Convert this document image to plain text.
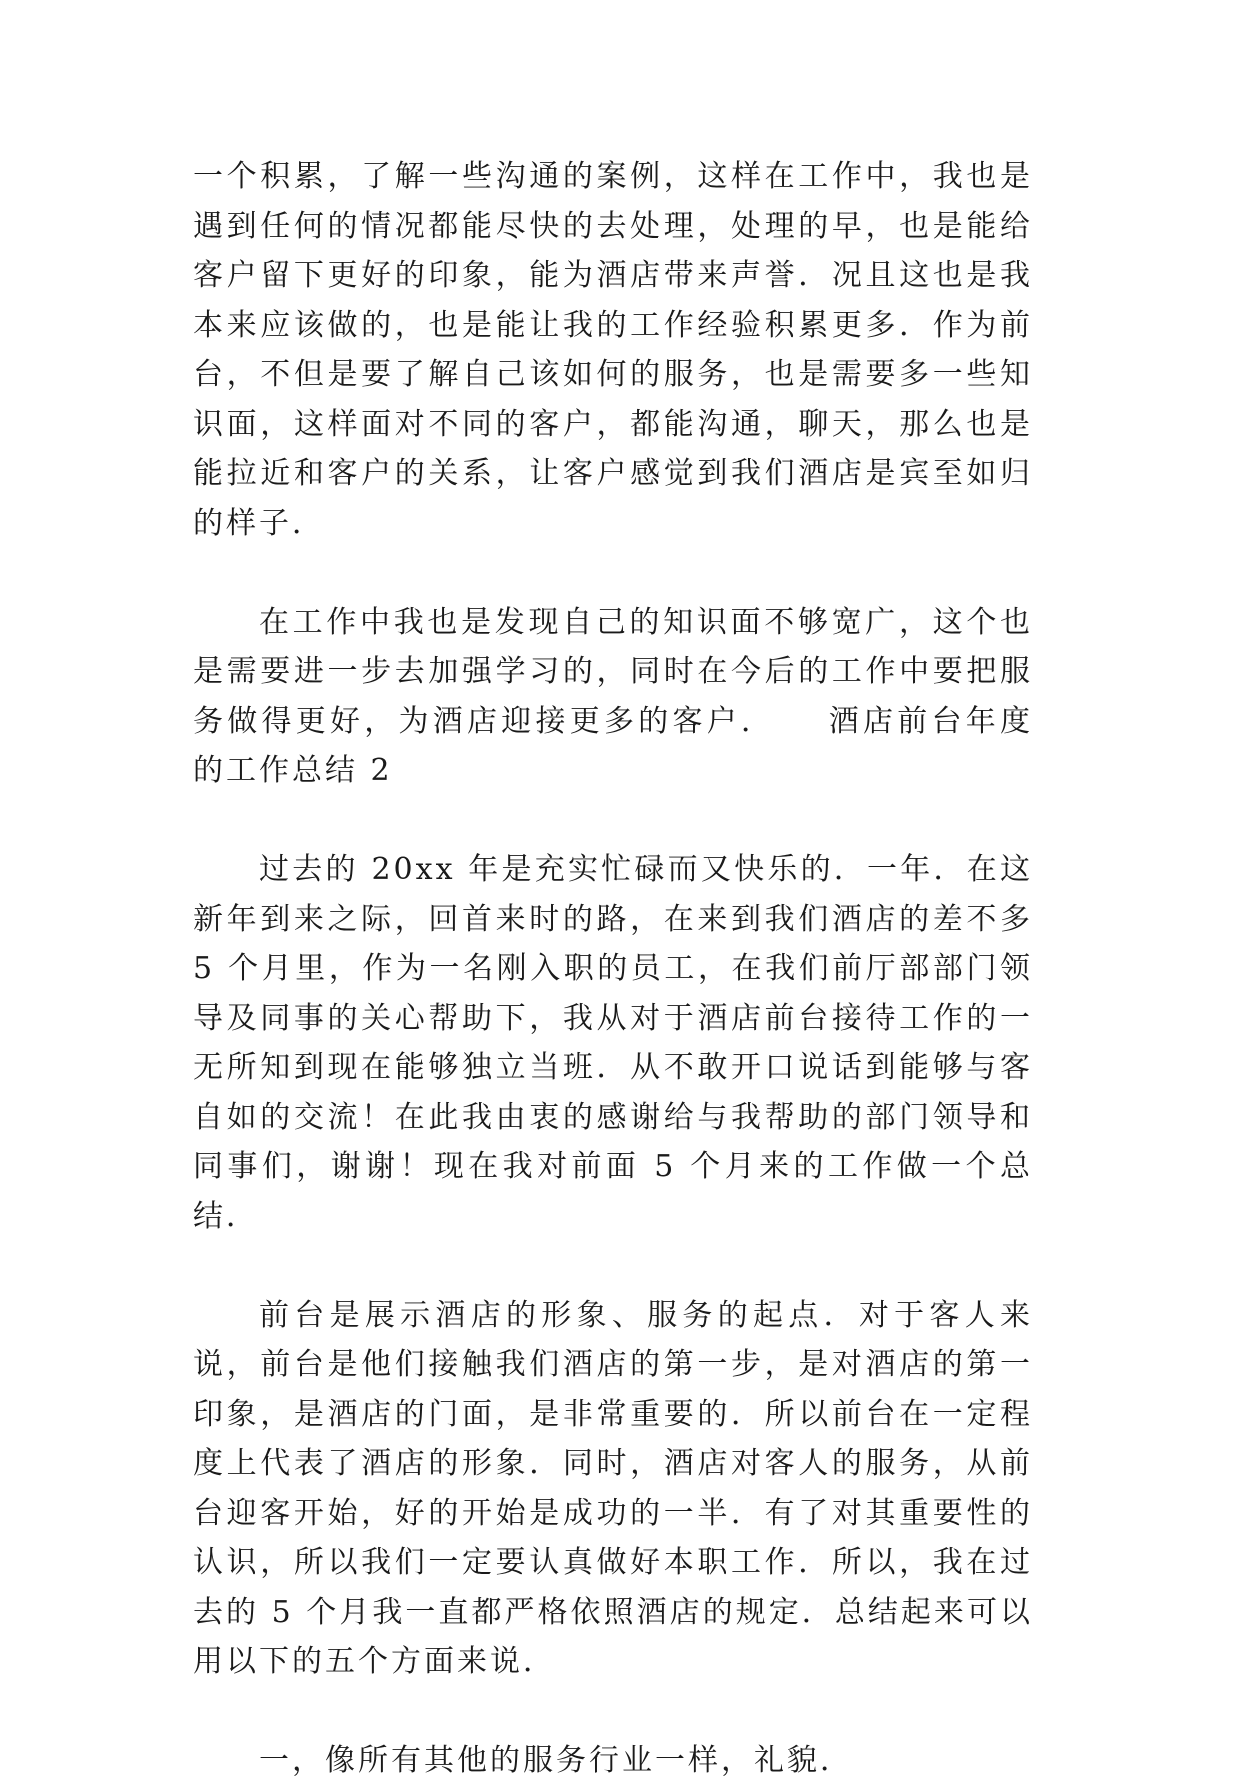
一个积累，了解一些沟通的案例，这样在工作中，我也是遇到任何的情况都能尽快的去处理，处理的早，也是能给客户留下更好的印象，能为酒店带来声誉．况且这也是我本来应该做的，也是能让我的工作经验积累更多．作为前台，不但是要了解自己该如何的服务，也是需要多一些知识面，这样面对不同的客户，都能沟通，聊天，那么也是能拉近和客户的关系，让客户感觉到我们酒店是宾至如归的样子．

在工作中我也是发现自己的知识面不够宽广，这个也是需要进一步去加强学习的，同时在今后的工作中要把服务做得更好，为酒店迎接更多的客户．　　酒店前台年度的工作总结 2

过去的 20xx 年是充实忙碌而又快乐的．一年．在这新年到来之际，回首来时的路，在来到我们酒店的差不多 5 个月里，作为一名刚入职的员工，在我们前厅部部门领导及同事的关心帮助下，我从对于酒店前台接待工作的一无所知到现在能够独立当班．从不敢开口说话到能够与客自如的交流！在此我由衷的感谢给与我帮助的部门领导和同事们，谢谢！现在我对前面 5 个月来的工作做一个总结．

前台是展示酒店的形象、服务的起点．对于客人来说，前台是他们接触我们酒店的第一步，是对酒店的第一印象，是酒店的门面，是非常重要的．所以前台在一定程度上代表了酒店的形象．同时，酒店对客人的服务，从前台迎客开始，好的开始是成功的一半．有了对其重要性的认识，所以我们一定要认真做好本职工作．所以，我在过去的 5 个月我一直都严格依照酒店的规定．总结起来可以用以下的五个方面来说．

一，像所有其他的服务行业一样，礼貌．
